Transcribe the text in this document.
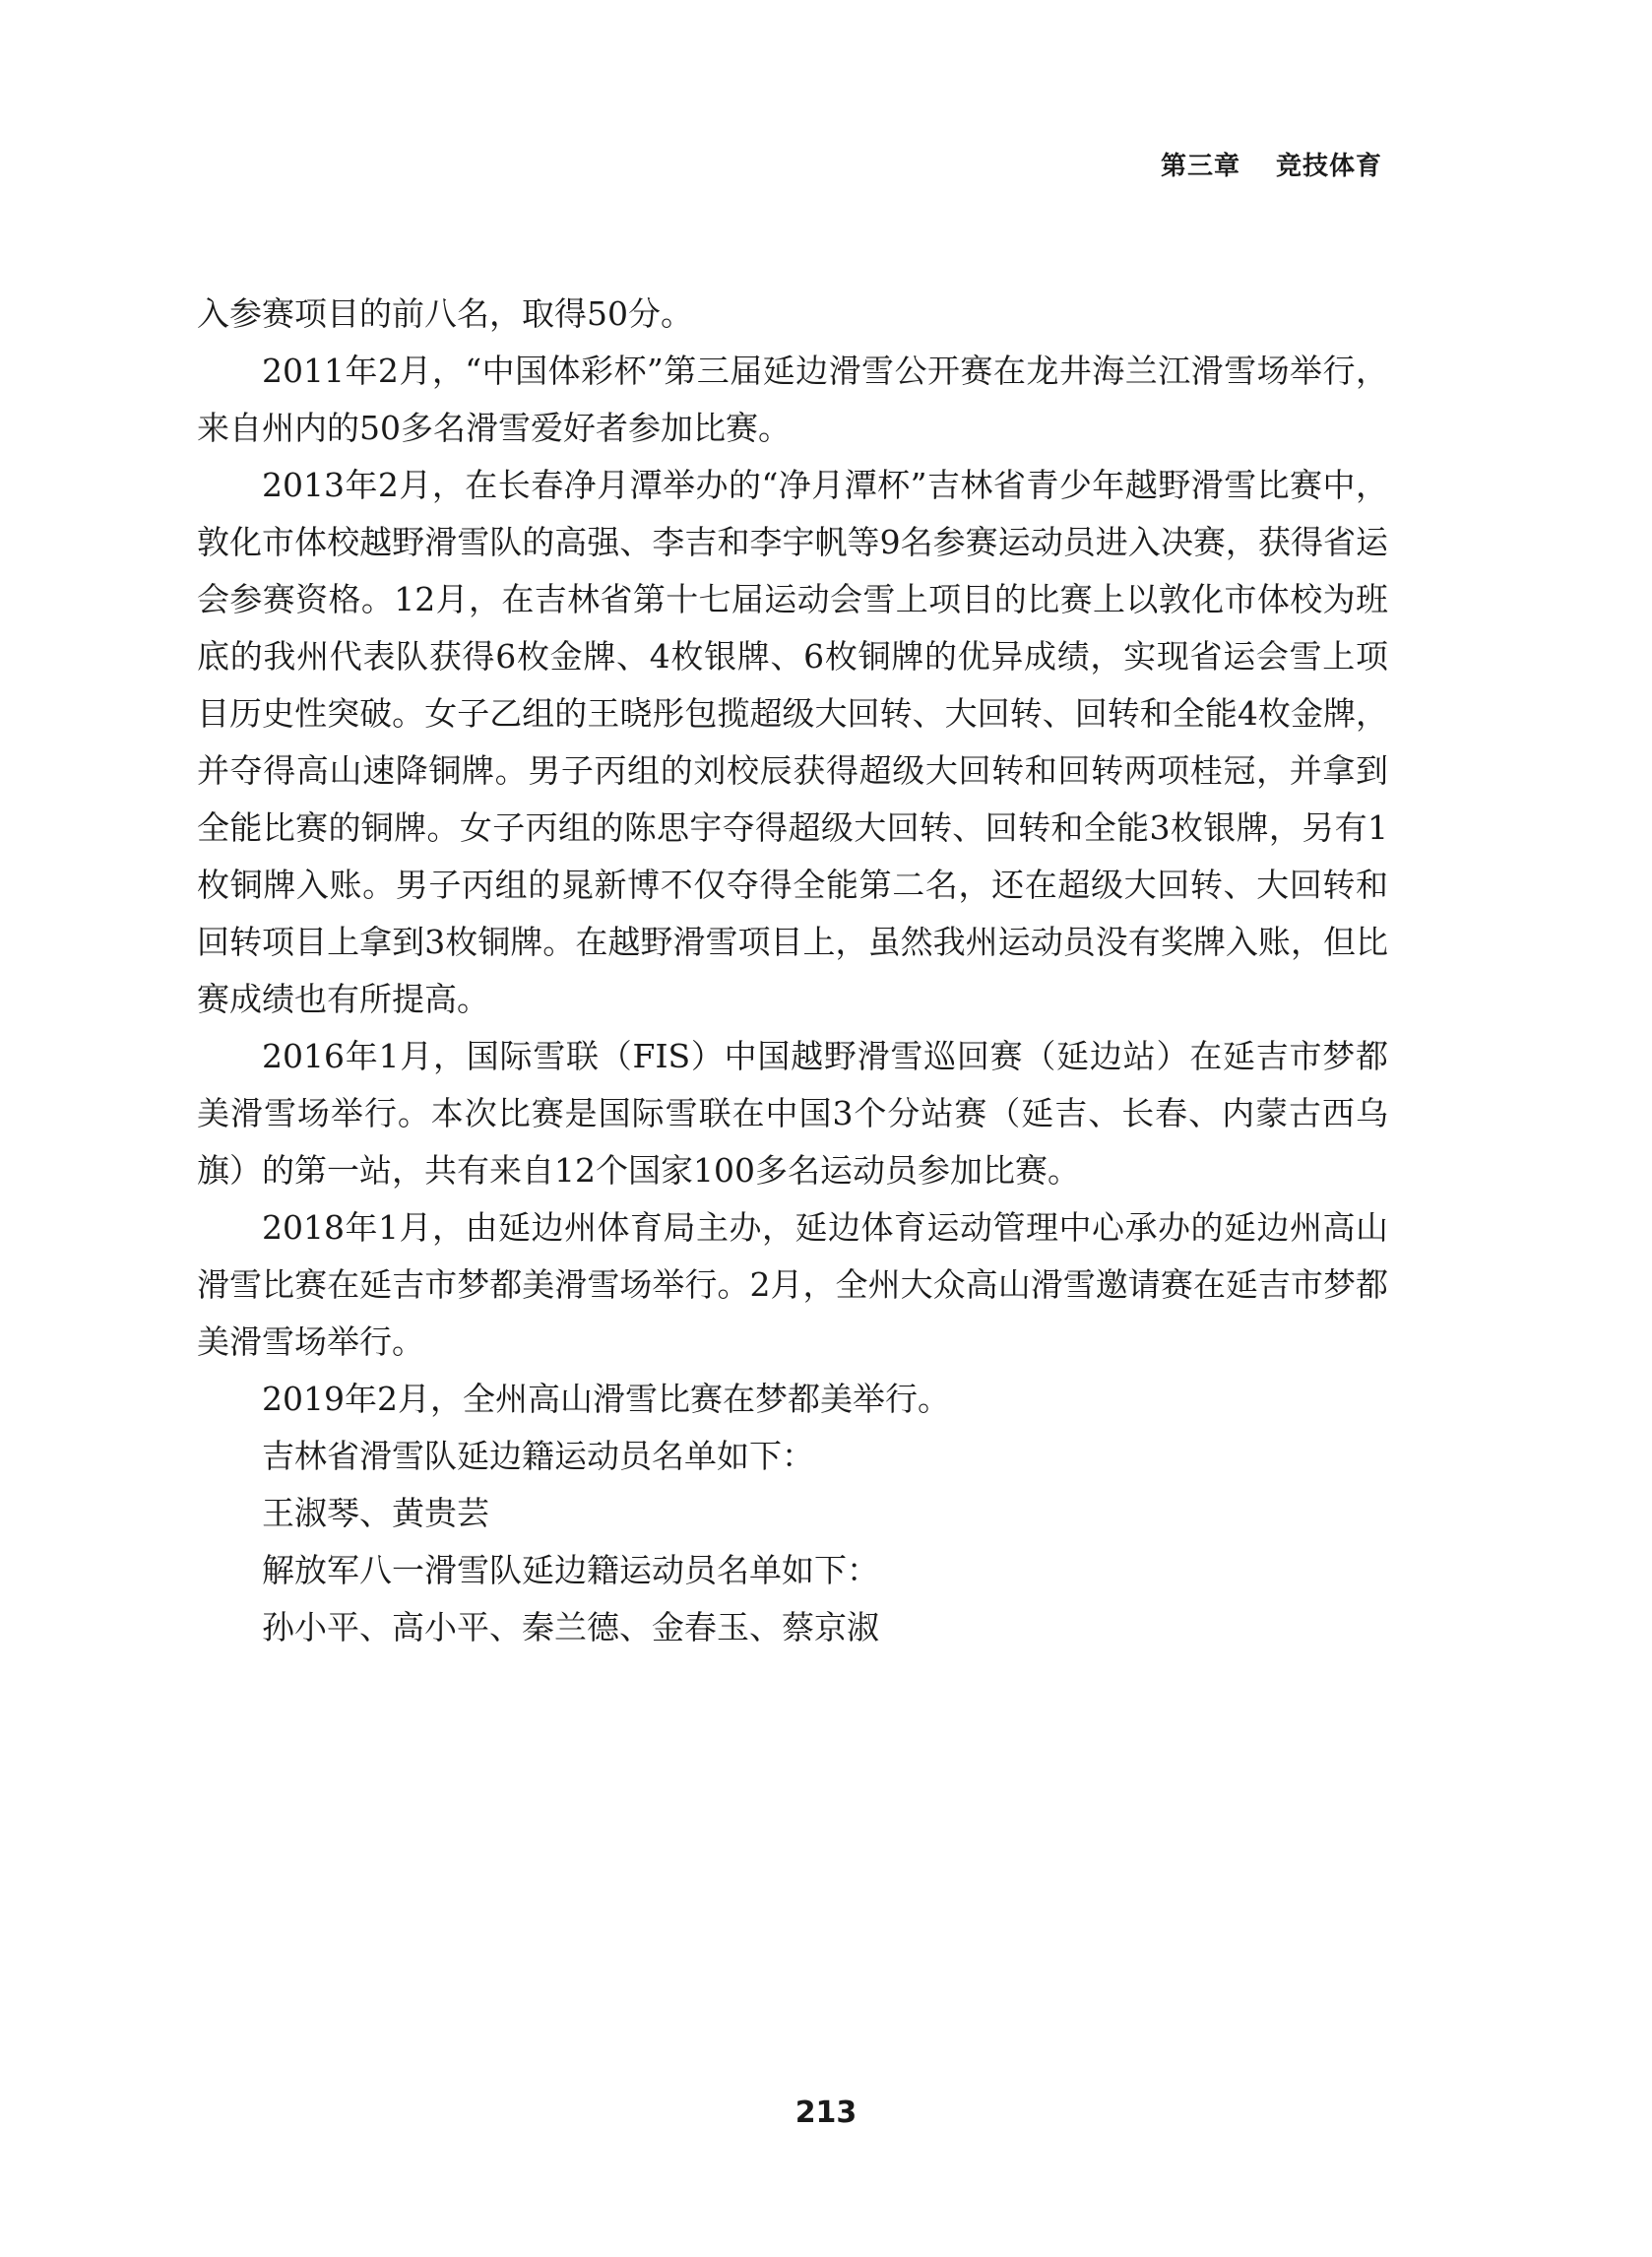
第三章 竞技体育

入参赛项目的前八名，取得50分。

2011年2月，“中国体彩杯”第三届延边滑雪公开赛在龙井海兰江滑雪场举行，来自州内的50多名滑雪爱好者参加比赛。

2013年2月，在长春净月潭举办的“净月潭杯”吉林省青少年越野滑雪比赛中，敦化市体校越野滑雪队的高强、李吉和李宇帆等9名参赛运动员进入决赛，获得省运会参赛资格。12月，在吉林省第十七届运动会雪上项目的比赛上以敦化市体校为班底的我州代表队获得6枚金牌、4枚银牌、6枚铜牌的优异成绩，实现省运会雪上项目历史性突破。女子乙组的王晓彤包揽超级大回转、大回转、回转和全能4枚金牌，并夺得高山速降铜牌。男子丙组的刘校辰获得超级大回转和回转两项桂冠，并拿到全能比赛的铜牌。女子丙组的陈思宇夺得超级大回转、回转和全能3枚银牌，另有1枚铜牌入账。男子丙组的晁新博不仅夺得全能第二名，还在超级大回转、大回转和回转项目上拿到3枚铜牌。在越野滑雪项目上，虽然我州运动员没有奖牌入账，但比赛成绩也有所提高。

2016年1月，国际雪联（FIS）中国越野滑雪巡回赛（延边站）在延吉市梦都美滑雪场举行。本次比赛是国际雪联在中国3个分站赛（延吉、长春、内蒙古西乌旗）的第一站，共有来自12个国家100多名运动员参加比赛。

2018年1月，由延边州体育局主办，延边体育运动管理中心承办的延边州高山滑雪比赛在延吉市梦都美滑雪场举行。2月，全州大众高山滑雪邀请赛在延吉市梦都美滑雪场举行。

2019年2月，全州高山滑雪比赛在梦都美举行。

吉林省滑雪队延边籍运动员名单如下：

王淑琴、黄贵芸

解放军八一滑雪队延边籍运动员名单如下：

孙小平、高小平、秦兰德、金春玉、蔡京淑

213
